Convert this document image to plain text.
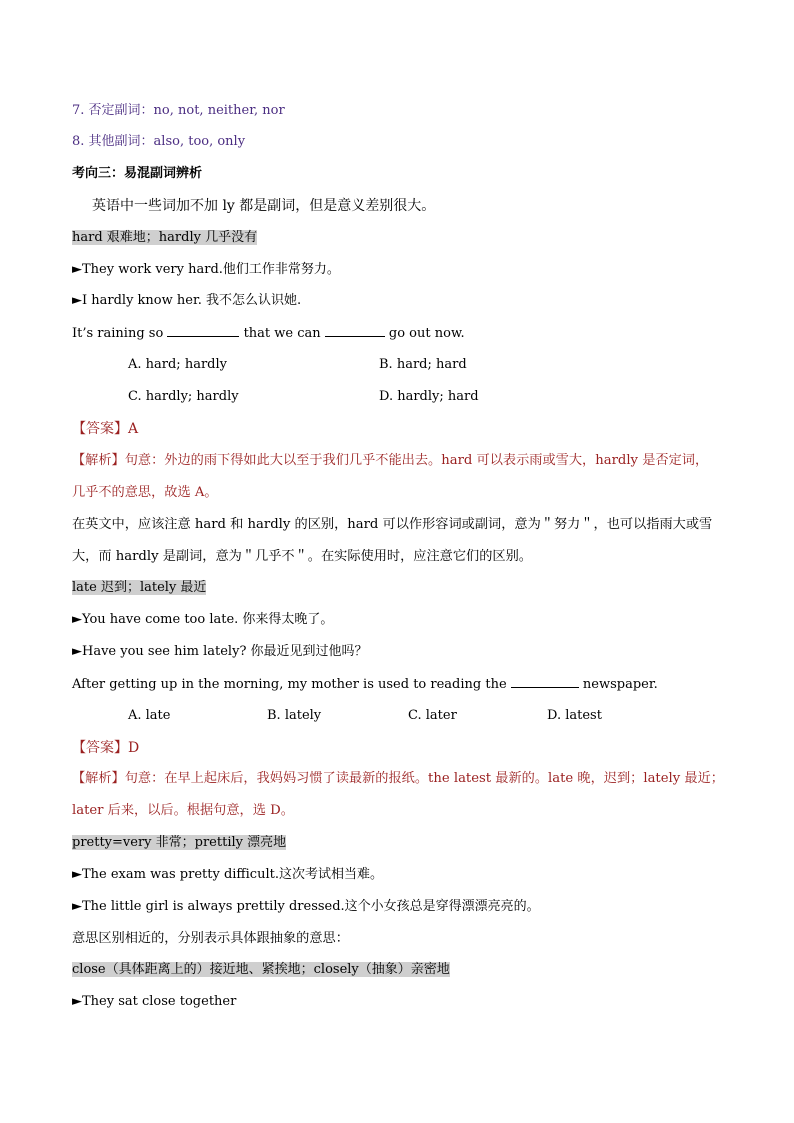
7. 否定副词：no, not, neither, nor
8. 其他副词：also, too, only
考向三：易混副词辨析
英语中一些词加不加 ly 都是副词，但是意义差别很大。
hard 艰难地；hardly 几乎没有
►They work very hard.他们工作非常努力。
►I hardly know her. 我不怎么认识她.
It’s raining so	that we can	go out now.
A. hard; hardly	B. hard; hard
C. hardly; hardly	D. hardly; hard
【答案】A
【解析】句意：外边的雨下得如此大以至于我们几乎不能出去。hard 可以表示雨或雪大，hardly 是否定词，
几乎不的意思，故选 A。
在英文中，应该注意 hard 和 hardly 的区别，hard 可以作形容词或副词，意为＂努力＂，也可以指雨大或雪
大，而 hardly 是副词，意为＂几乎不＂。在实际使用时，应注意它们的区别。
late 迟到；lately 最近
►You have come too late. 你来得太晚了。
►Have you see him lately? 你最近见到过他吗？
After getting up in the morning, my mother is used to reading the	newspaper.
A. late	B. lately	C. later	D. latest
【答案】D
【解析】句意：在早上起床后，我妈妈习惯了读最新的报纸。the latest 最新的。late 晚，迟到；lately 最近；
later 后来，以后。根据句意，选 D。
pretty=very 非常；prettily 漂亮地
►The exam was pretty difficult.这次考试相当难。
►The little girl is always prettily dressed.这个小女孩总是穿得漂漂亮亮的。
意思区别相近的，分别表示具体跟抽象的意思：
close（具体距离上的）接近地、紧挨地；closely（抽象）亲密地
►They sat close together
